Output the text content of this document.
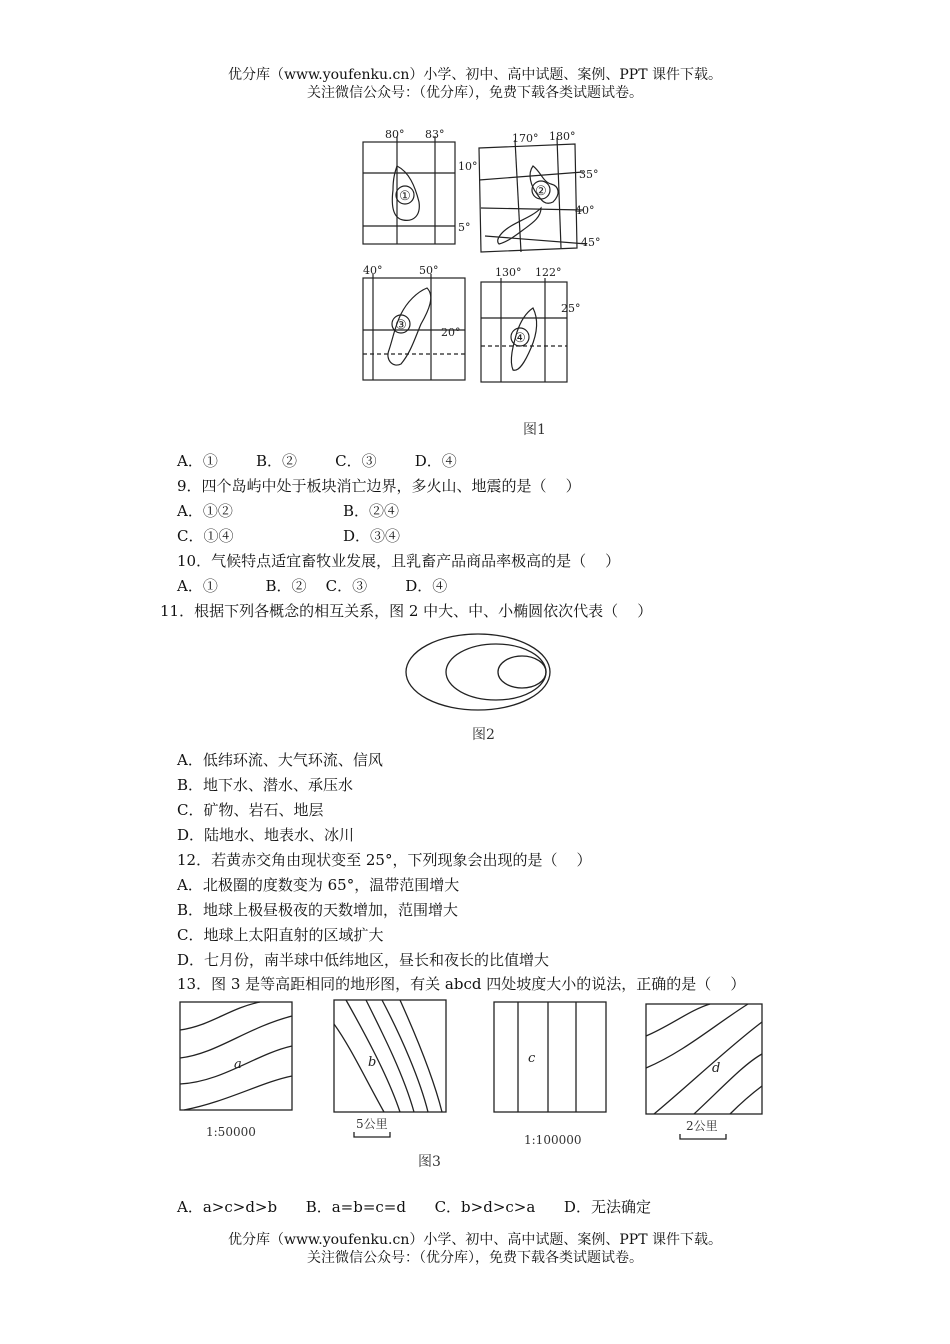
优分库（www.youfenku.cn）小学、初中、高中试题、案例、PPT 课件下载。
关注微信公众号：（优分库），免费下载各类试题试卷。
80° 83°
10°
5°
170° 180°
35°
40°
45°
40°	50°
20°
130° 122°
25°
①	②
③
④
图1
A．①        B．②        C．③        D．④
9．四个岛屿中处于板块消亡边界，多火山、地震的是（    ）
A．①②	B．②④
C．①④	D．③④
10．气候特点适宜畜牧业发展，且乳畜产品商品率极高的是（    ）
A．①          B．②    C．③        D．④
11．根据下列各概念的相互关系，图 2 中大、中、小椭圆依次代表（    ）
图2
A．低纬环流、大气环流、信风
B．地下水、潜水、承压水
C．矿物、岩石、地层
D．陆地水、地表水、冰川
12．若黄赤交角由现状变至 25°，下列现象会出现的是（    ）
A．北极圈的度数变为 65°，温带范围增大
B．地球上极昼极夜的天数增加，范围增大
C．地球上太阳直射的区域扩大
D．七月份，南半球中低纬地区，昼长和夜长的比值增大
13．图 3 是等高距相同的地形图，有关 abcd 四处坡度大小的说法，正确的是（    ）
a	b	c
d
1:50000
5公里
1:100000
2公里
图3
A．a>c>d>b      B．a=b=c=d      C．b>d>c>a      D．无法确定
优分库（www.youfenku.cn）小学、初中、高中试题、案例、PPT 课件下载。
关注微信公众号：（优分库），免费下载各类试题试卷。
